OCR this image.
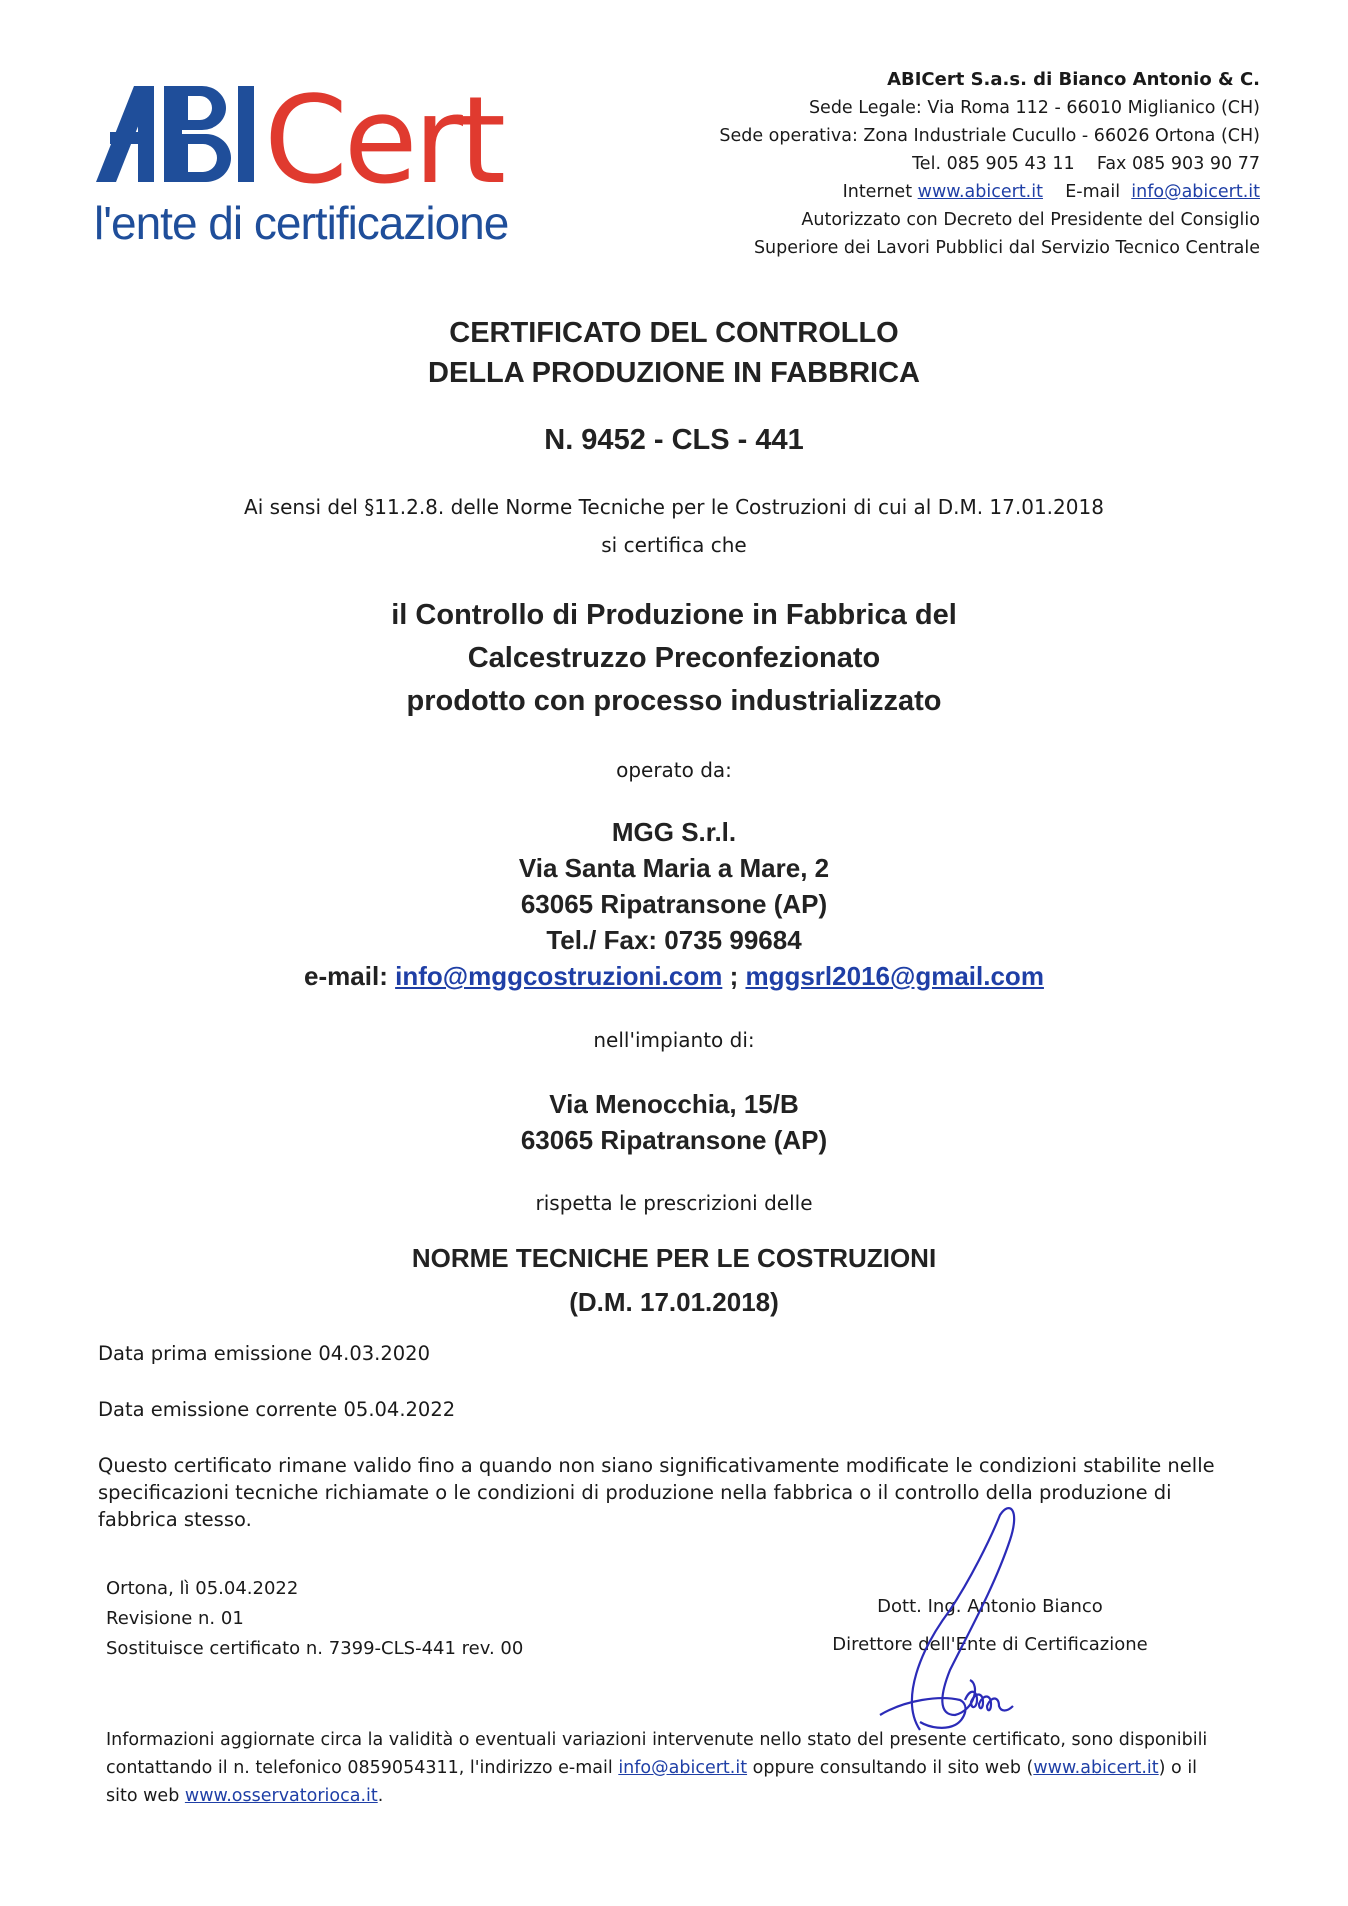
Cert
l'ente di certificazione
ABICert S.a.s. di Bianco Antonio & C.
Sede Legale: Via Roma 112 - 66010 Miglianico (CH)
Sede operativa: Zona Industriale Cucullo - 66026 Ortona (CH)
Tel. 085 905 43 11 Fax 085 903 90 77
Internet www.abicert.it E-mail info@abicert.it
Autorizzato con Decreto del Presidente del Consiglio
Superiore dei Lavori Pubblici dal Servizio Tecnico Centrale
CERTIFICATO DEL CONTROLLO
DELLA PRODUZIONE IN FABBRICA
N. 9452 - CLS - 441
Ai sensi del §11.2.8. delle Norme Tecniche per le Costruzioni di cui al D.M. 17.01.2018
si certifica che
il Controllo di Produzione in Fabbrica del
Calcestruzzo Preconfezionato
prodotto con processo industrializzato
operato da:
MGG S.r.l.
Via Santa Maria a Mare, 2
63065 Ripatransone (AP)
Tel./ Fax: 0735 99684
e-mail: info@mggcostruzioni.com ; mggsrl2016@gmail.com
nell'impianto di:
Via Menocchia, 15/B
63065 Ripatransone (AP)
rispetta le prescrizioni delle
NORME TECNICHE PER LE COSTRUZIONI
(D.M. 17.01.2018)
Data prima emissione 04.03.2020
Data emissione corrente 05.04.2022
Questo certificato rimane valido fino a quando non siano significativamente modificate le condizioni stabilite nelle
specificazioni tecniche richiamate o le condizioni di produzione nella fabbrica o il controllo della produzione di
fabbrica stesso.
Ortona, lì 05.04.2022
Revisione n. 01
Sostituisce certificato n. 7399-CLS-441 rev. 00
Dott. Ing. Antonio Bianco
Direttore dell'Ente di Certificazione
Informazioni aggiornate circa la validità o eventuali variazioni intervenute nello stato del presente certificato, sono disponibili
contattando il n. telefonico 0859054311, l'indirizzo e-mail info@abicert.it oppure consultando il sito web (www.abicert.it) o il
sito web www.osservatorioca.it.
